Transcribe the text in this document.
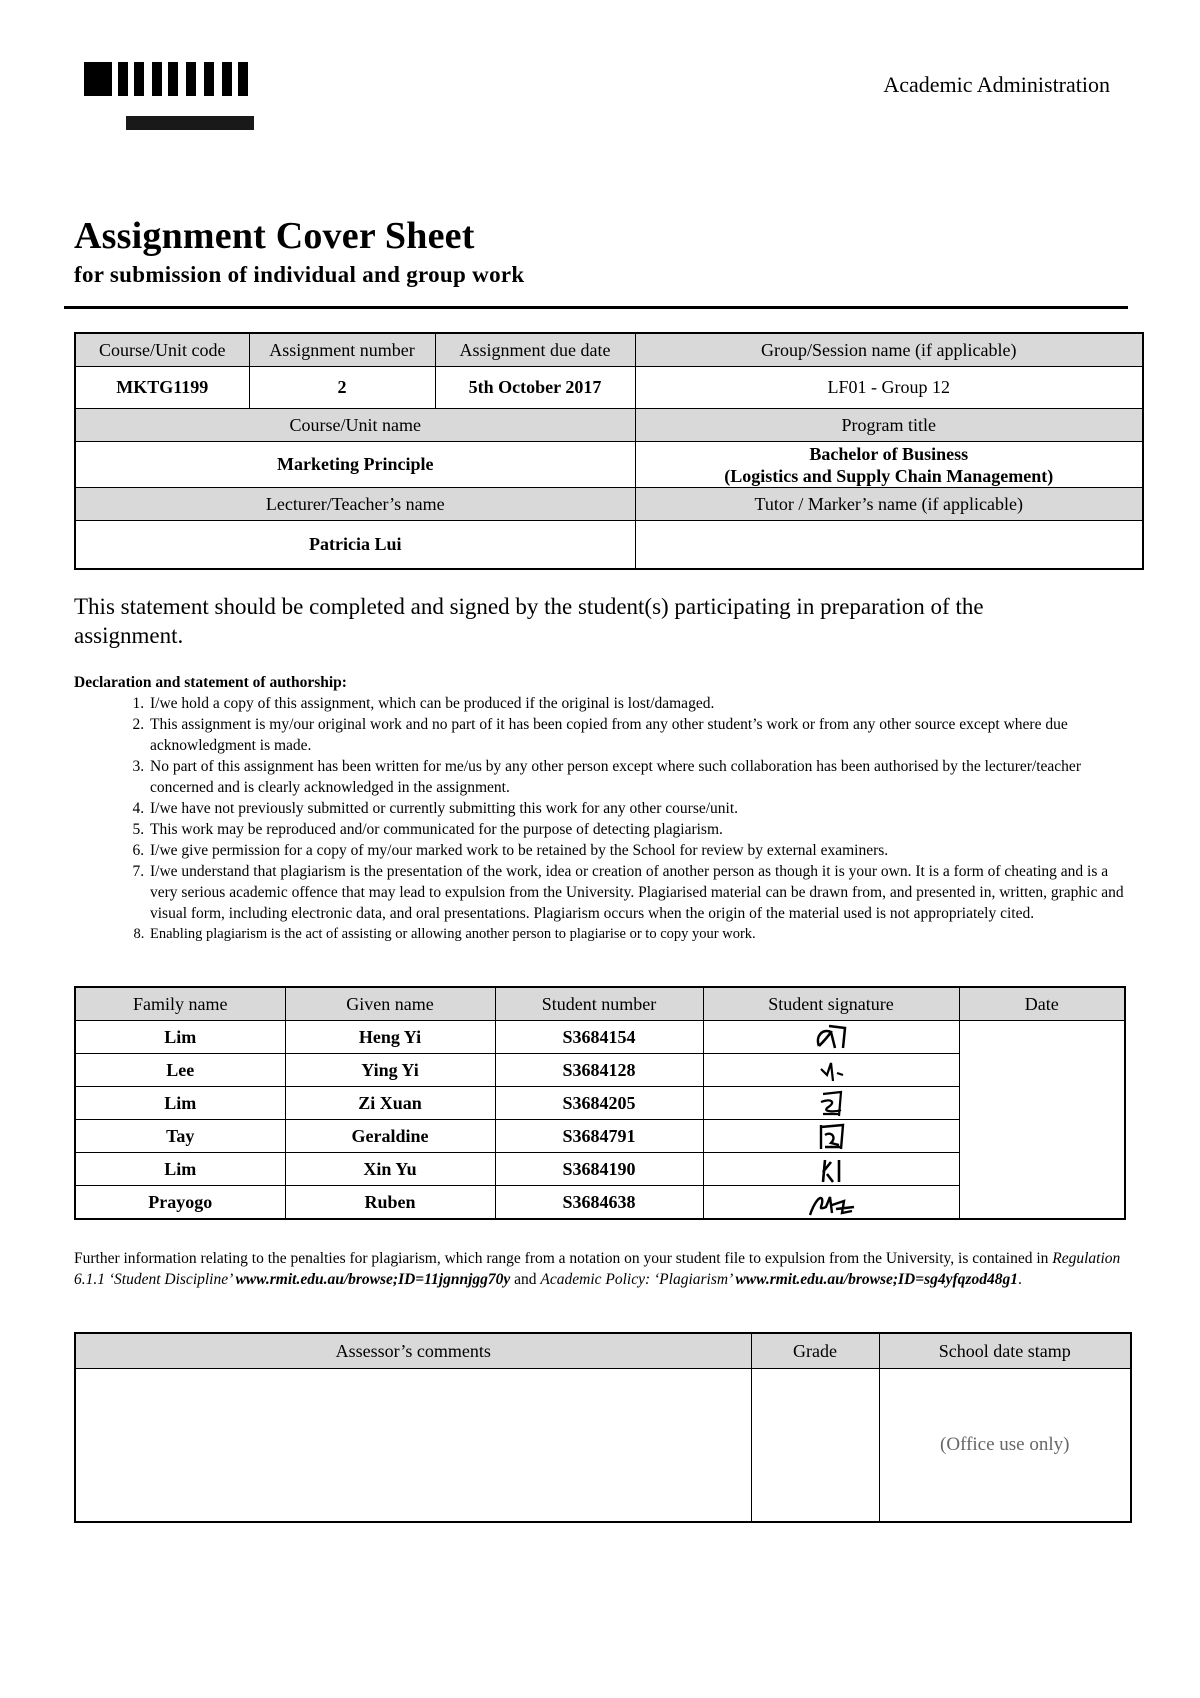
Academic Administration
Assignment Cover Sheet
for submission of individual and group work
Course/Unit code	Assignment number	Assignment due date	Group/Session name (if applicable)
MKTG1199	2	5th October 2017	LF01 - Group 12
Course/Unit name			Program title
Marketing Principle			Bachelor of Business
(Logistics and Supply Chain Management)

Lecturer/Teacher’s name			Tutor / Marker’s name (if applicable)
Patricia Lui			
This statement should be completed and signed by the student(s) participating in preparation of the assignment.
Declaration and statement of authorship:
1. I/we hold a copy of this assignment, which can be produced if the original is lost/damaged.
2. This assignment is my/our original work and no part of it has been copied from any other student’s work or from any other source except where due acknowledgment is made.
3. No part of this assignment has been written for me/us by any other person except where such collaboration has been authorised by the lecturer/teacher concerned and is clearly acknowledged in the assignment.
4. I/we have not previously submitted or currently submitting this work for any other course/unit.
5. This work may be reproduced and/or communicated for the purpose of detecting plagiarism.
6. I/we give permission for a copy of my/our marked work to be retained by the School for review by external examiners.
7. I/we understand that plagiarism is the presentation of the work, idea or creation of another person as though it is your own. It is a form of cheating and is a very serious academic offence that may lead to expulsion from the University. Plagiarised material can be drawn from, and presented in, written, graphic and visual form, including electronic data, and oral presentations. Plagiarism occurs when the origin of the material used is not appropriately cited.
8. Enabling plagiarism is the act of assisting or allowing another person to plagiarise or to copy your work.
Family name	Given name	Student number	Student signature	Date
Lim	Heng Yi	S3684154	

Lee	Ying Yi	S3684128	

Lim	Zi Xuan	S3684205	

Tay	Geraldine	S3684791	

Lim	Xin Yu	S3684190	

Prayogo	Ruben	S3684638	
Further information relating to the penalties for plagiarism, which range from a notation on your student file to expulsion from the University, is contained in Regulation 6.1.1 ‘Student Discipline’ www.rmit.edu.au/browse;ID=11jgnnjgg70y and Academic Policy: ‘Plagiarism’ www.rmit.edu.au/browse;ID=sg4yfqzod48g1.
Assessor’s comments	Grade	School date stamp
		(Office use only)
